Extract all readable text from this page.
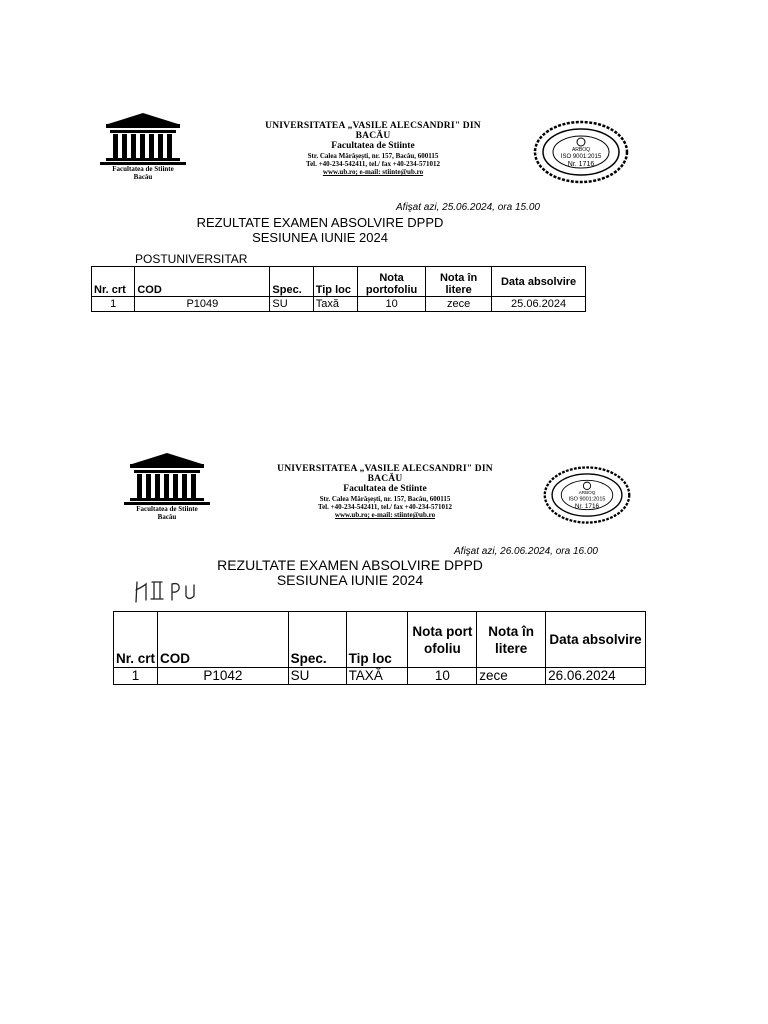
Facultatea de Stiinte
Bacău
UNIVERSITATEA „VASILE ALECSANDRI" DIN
BACĂU
Facultatea de Stiinte
Str. Calea Mărășești, nr. 157, Bacău, 600115
Tel. +40-234-542411, tel./ fax +40-234-571012
www.ub.ro; e-mail: stiinte@ub.ro
ARBOQ
ISO 9001:2015
Nr. 1716
Afişat azi, 25.06.2024, ora 15.00
REZULTATE EXAMEN ABSOLVIRE DPPD
SESIUNEA IUNIE 2024
POSTUNIVERSITAR
Nr. crt	COD	Spec.	Tip loc	Nota portofoliu	Nota în litere	Data absolvire
1	P1049	SU	Taxă	10	zece	25.06.2024
Facultatea de Stiinte
Bacău
UNIVERSITATEA „VASILE ALECSANDRI" DIN
BACĂU
Facultatea de Stiinte
Str. Calea Mărășești, nr. 157, Bacău, 600115
Tel. +40-234-542411, tel./ fax +40-234-571012
www.ub.ro; e-mail: stiinte@ub.ro
ARBOQ
ISO 9001:2015
Nr. 1716
Afişat azi, 26.06.2024, ora 16.00
REZULTATE EXAMEN ABSOLVIRE DPPD
SESIUNEA IUNIE 2024
Nr. crt	COD	Spec.	Tip loc	Nota portofoliu	Nota în litere	Data absolvire
1	P1042	SU	TAXĂ	10	zece	26.06.2024
